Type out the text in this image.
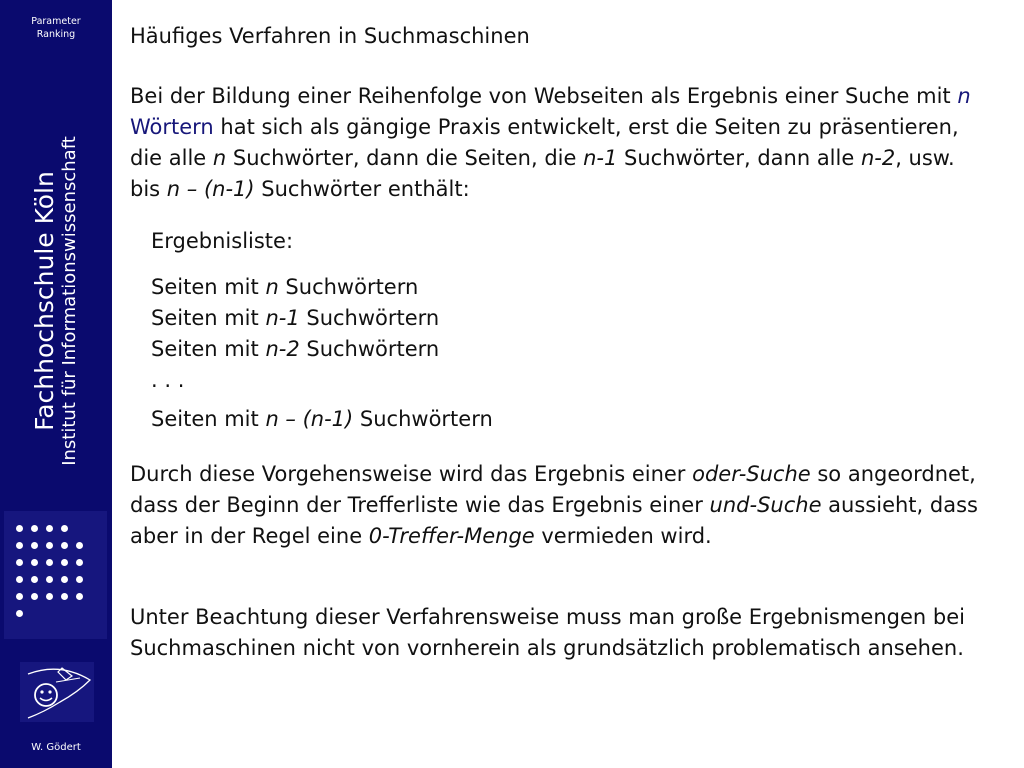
Parameter
Ranking
Fachhochschule Köln Institut für Informationswissenschaft
W. Gödert
Häufiges Verfahren in Suchmaschinen

Bei der Bildung einer Reihenfolge von Webseiten als Ergebnis einer Suche mit n Wörtern hat sich als gängige Praxis entwickelt, erst die Seiten zu präsentieren, die alle n Suchwörter, dann die Seiten, die n-1 Suchwörter, dann alle n-2, usw. bis n – (n-1) Suchwörter enthält:

Ergebnisliste:
Seiten mit n Suchwörtern
Seiten mit n-1 Suchwörtern
Seiten mit n-2 Suchwörtern
. . .
Seiten mit n – (n-1) Suchwörtern

Durch diese Vorgehensweise wird das Ergebnis einer oder-Suche so angeordnet, dass der Beginn der Trefferliste wie das Ergebnis einer und-Suche aussieht, dass aber in der Regel eine 0-Treffer-Menge vermieden wird.

Unter Beachtung dieser Verfahrensweise muss man große Ergebnismengen bei Suchmaschinen nicht von vornherein als grundsätzlich problematisch ansehen.
